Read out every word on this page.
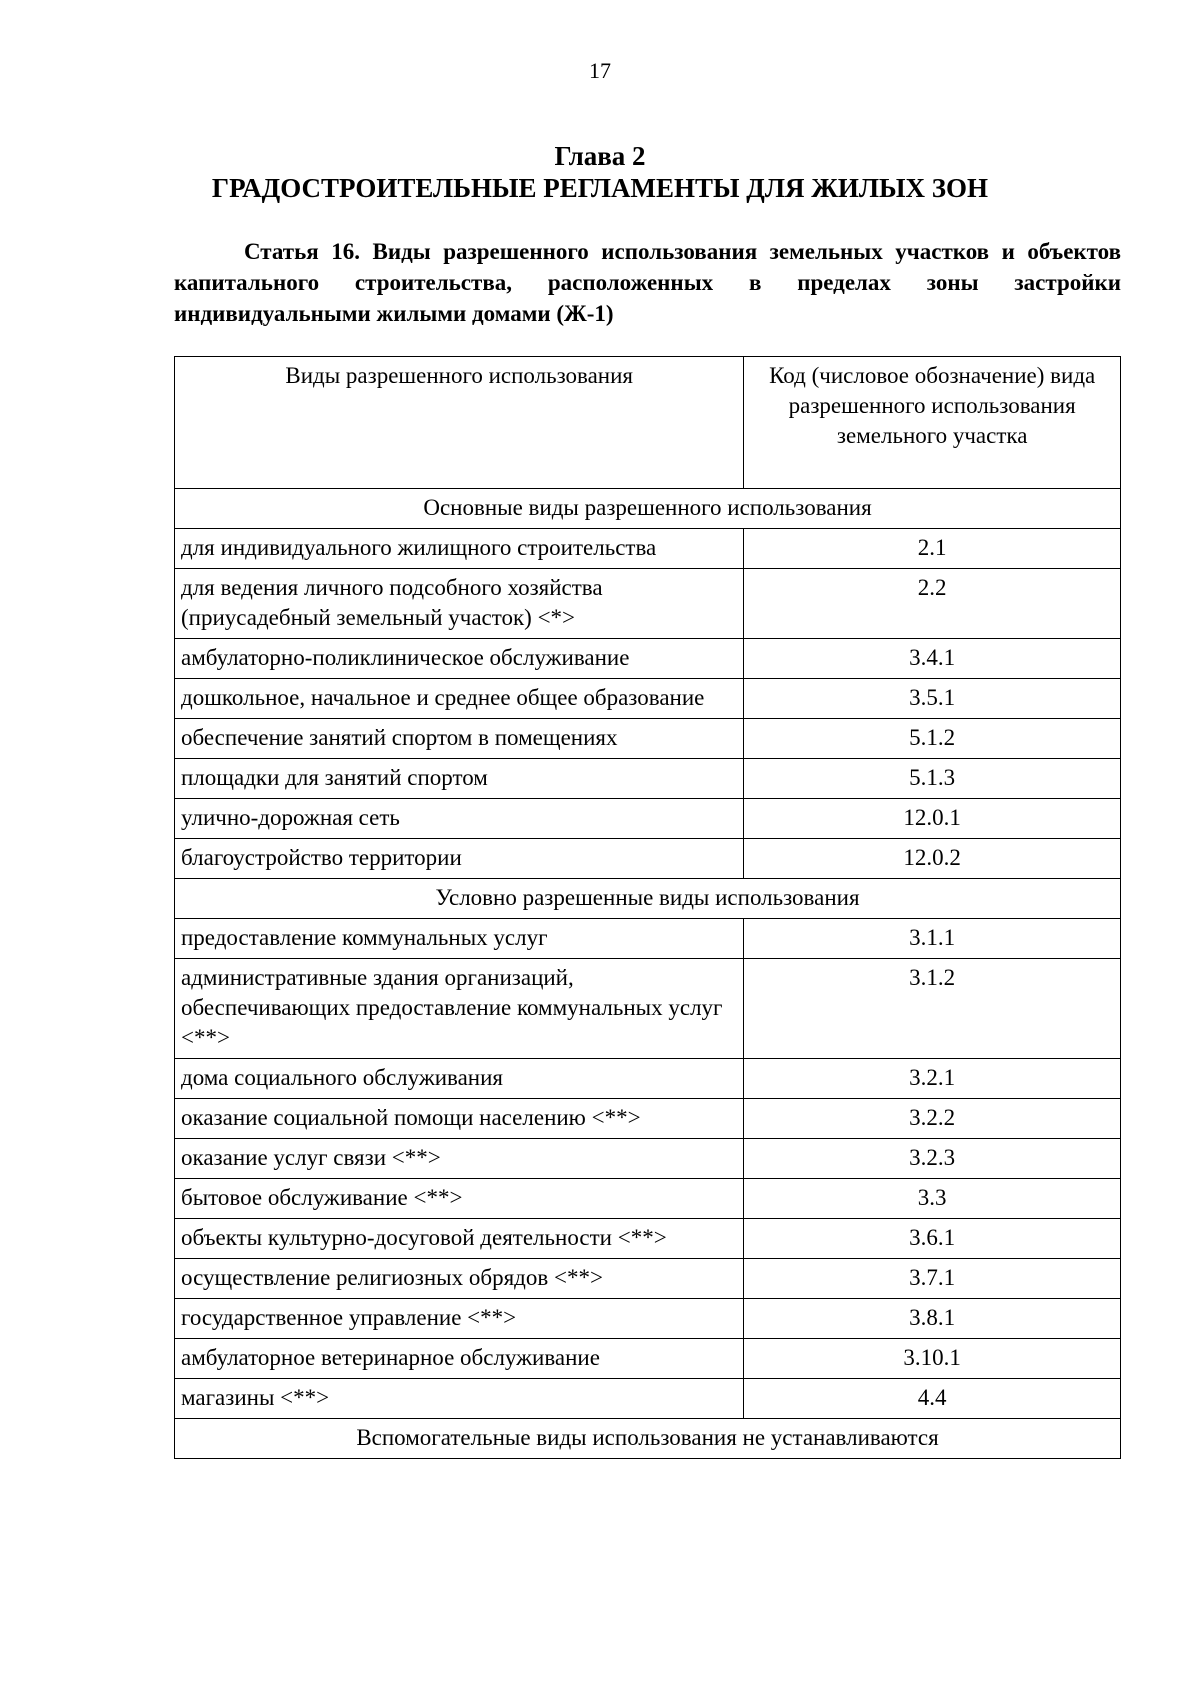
17
Глава 2
ГРАДОСТРОИТЕЛЬНЫЕ РЕГЛАМЕНТЫ ДЛЯ ЖИЛЫХ ЗОН

Статья 16. Виды разрешенного использования земельных участков и объектов капитального строительства, расположенных в пределах зоны застройки индивидуальными жилыми домами (Ж-1)

Виды разрешенного использования	Код (числовое обозначение) вида разрешенного использования земельного участка
Основные виды разрешенного использования	
для индивидуального жилищного строительства	2.1
для ведения личного подсобного хозяйства (приусадебный земельный участок) <*>	2.2
амбулаторно-поликлиническое обслуживание	3.4.1
дошкольное, начальное и среднее общее образование	3.5.1
обеспечение занятий спортом в помещениях	5.1.2
площадки для занятий спортом	5.1.3
улично-дорожная сеть	12.0.1
благоустройство территории	12.0.2
Условно разрешенные виды использования	
предоставление коммунальных услуг	3.1.1
административные здания организаций, обеспечивающих предоставление коммунальных услуг <**>	3.1.2
дома социального обслуживания	3.2.1
оказание социальной помощи населению <**>	3.2.2
оказание услуг связи <**>	3.2.3
бытовое обслуживание <**>	3.3
объекты культурно-досуговой деятельности <**>	3.6.1
осуществление религиозных обрядов <**>	3.7.1
государственное управление <**>	3.8.1
амбулаторное ветеринарное обслуживание	3.10.1
магазины <**>	4.4
Вспомогательные виды использования не устанавливаются	
